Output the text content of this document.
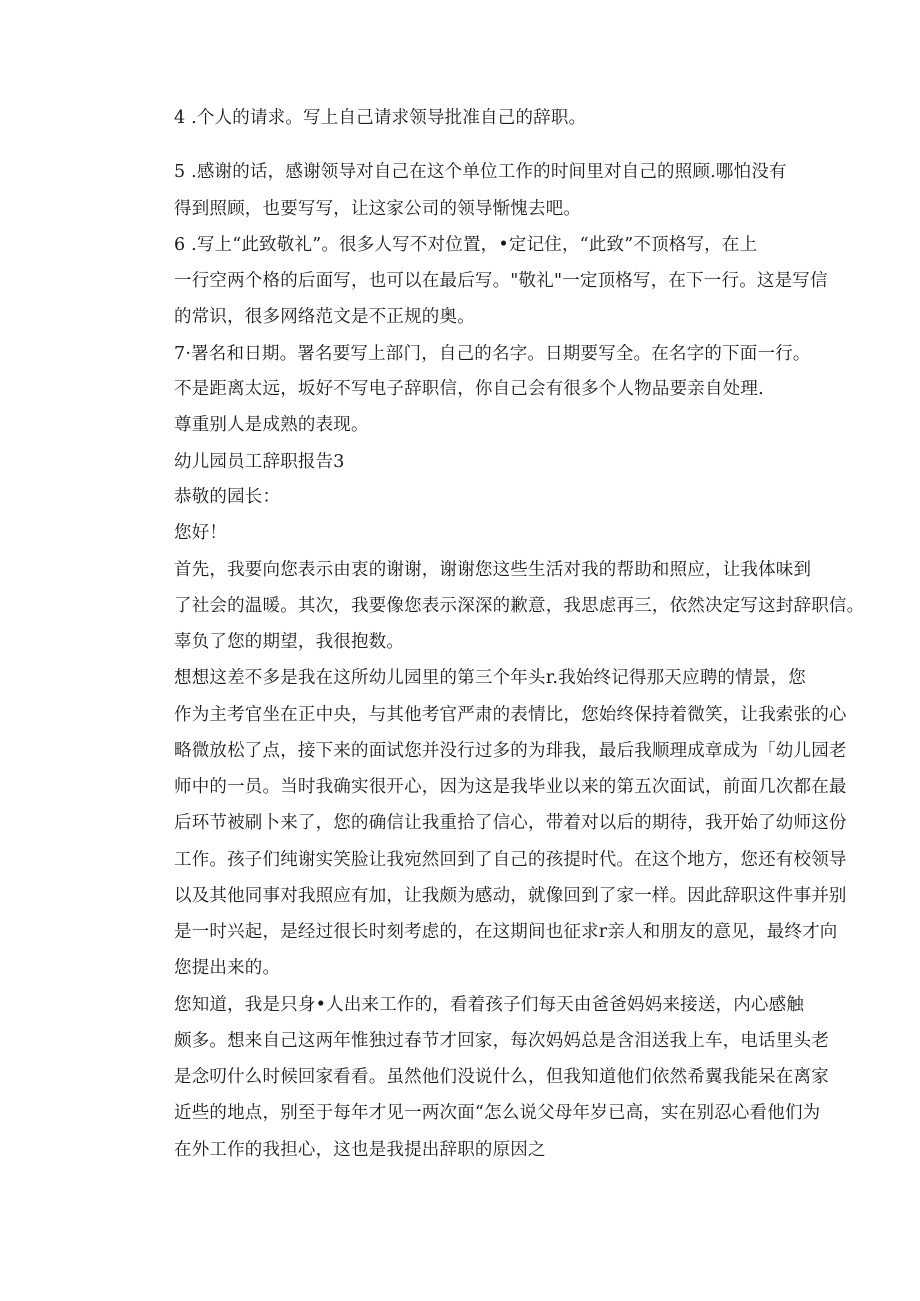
4 .个人的请求。写上自己请求领导批准自己的辞职。
5 .感谢的话，感谢领导对自己在这个单位工作的时间里对自己的照顾.哪怕没有
得到照顾，也要写写，让这家公司的领导惭愧去吧。
6 .写上“此致敬礼”。很多人写不对位置，•定记住，“此致”不顶格写，在上
一行空两个格的后面写，也可以在最后写。"敬礼"一定顶格写，在下一行。这是写信
的常识，很多网络范文是不正规的奥。
7·署名和日期。署名要写上部门，自己的名字。日期要写全。在名字的下面一行。
不是距离太远，坂好不写电子辞职信，你自己会有很多个人物品要亲自处理.
尊重别人是成熟的表现。
幼儿园员工辞职报告3
恭敬的园长：
您好！
首先，我要向您表示由衷的谢谢，谢谢您这些生活对我的帮助和照应，让我体味到
了社会的温暖。其次，我要像您表示深深的歉意，我思虑再三，依然决定写这封辞职信。
辜负了您的期望，我很抱数。
想想这差不多是我在这所幼儿园里的第三个年头r.我始终记得那天应聘的情景，您
作为主考官坐在正中央，与其他考官严肃的表情比，您始终保持着微笑，让我索张的心
略微放松了点，接下来的面试您并没行过多的为琲我，最后我顺理成章成为「幼儿园老
师中的一员。当时我确实很开心，因为这是我毕业以来的第五次面试，前面几次都在最
后环节被刷卜来了，您的确信让我重拾了信心，带着对以后的期待，我开始了幼师这份
工作。孩子们纯谢实笑脸让我宛然回到了自己的孩提时代。在这个地方，您还有校领导
以及其他同事对我照应有加，让我颇为感动，就像回到了家一样。因此辞职这件事并别
是一时兴起，是经过很长时刻考虑的，在这期间也征求r亲人和朋友的意见，最终才向
您提出来的。
您知道，我是只身•人出来工作的，看着孩子们每天由爸爸妈妈来接送，内心感触
颇多。想来自己这两年惟独过春节才回家，每次妈妈总是含泪送我上车，电话里头老
是念叨什么时候回家看看。虽然他们没说什么，但我知道他们依然希翼我能呆在离家
近些的地点，别至于每年才见一两次面“怎么说父母年岁已高，实在别忍心看他们为
在外工作的我担心，这也是我提出辞职的原因之
